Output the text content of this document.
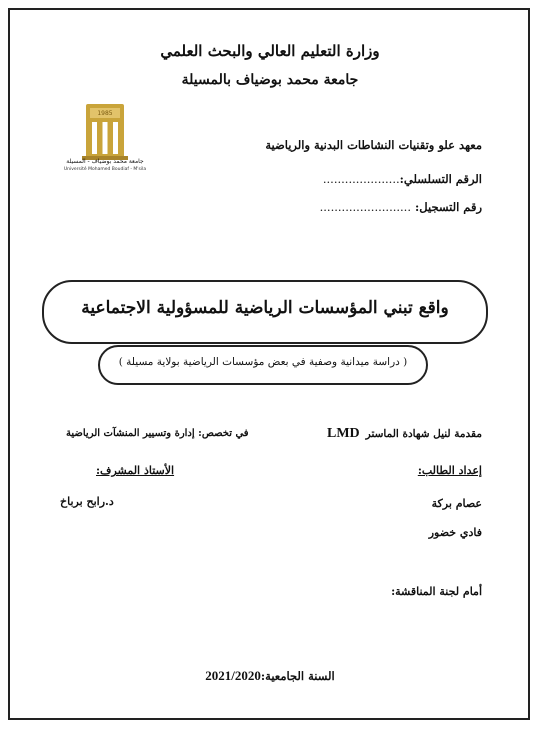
وزارة التعليم العالي والبحث العلمي
جامعة محمد بوضياف بالمسيلة
1985
جامعة محمد بوضياف - المسيلة
Université Mohamed Boudiaf - M'sila
معهد علو وتقنيات النشاطات البدنية والرياضية
الرقم التسلسلي:.....................
رقم التسجيل: .........................
واقع تبني المؤسسات الرياضية للمسؤولية الاجتماعية
( دراسة ميدانية وصفية في بعض مؤسسات الرياضية بولاية مسيلة )
مقدمة لنيل شهادة الماسترLMD
في تخصص: إدارة وتسيير المنشآت الرياضية
إعداد الطالب:
الأستاذ المشرف:
عصام بركة
د.رابح برباخ
فادي خضور
أمام لجنة المناقشة:
السنة الجامعية:2021/2020
